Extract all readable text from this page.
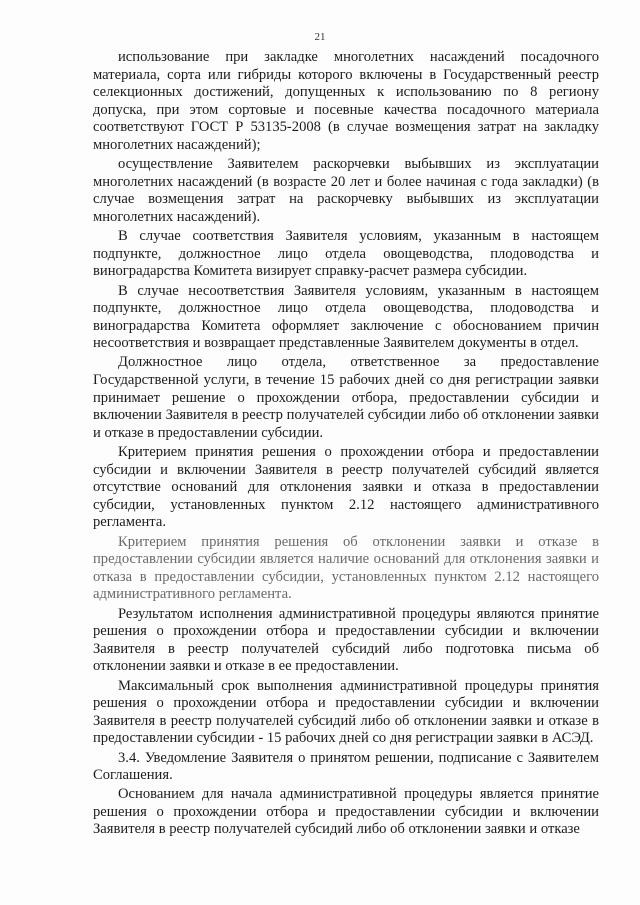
21

использование при закладке многолетних насаждений посадочного материала, сорта или гибриды которого включены в Государственный реестр селекционных достижений, допущенных к использованию по 8 региону допуска, при этом сортовые и посевные качества посадочного материала соответствуют ГОСТ Р 53135-2008 (в случае возмещения затрат на закладку многолетних насаждений);

осуществление Заявителем раскорчевки выбывших из эксплуатации многолетних насаждений (в возрасте 20 лет и более начиная с года закладки) (в случае возмещения затрат на раскорчевку выбывших из эксплуатации многолетних насаждений).

В случае соответствия Заявителя условиям, указанным в настоящем подпункте, должностное лицо отдела овощеводства, плодоводства и виноградарства Комитета визирует справку-расчет размера субсидии.

В случае несоответствия Заявителя условиям, указанным в настоящем подпункте, должностное лицо отдела овощеводства, плодоводства и виноградарства Комитета оформляет заключение с обоснованием причин несоответствия и возвращает представленные Заявителем документы в отдел.

Должностное лицо отдела, ответственное за предоставление Государственной услуги, в течение 15 рабочих дней со дня регистрации заявки принимает решение о прохождении отбора, предоставлении субсидии и включении Заявителя в реестр получателей субсидии либо об отклонении заявки и отказе в предоставлении субсидии.

Критерием принятия решения о прохождении отбора и предоставлении субсидии и включении Заявителя в реестр получателей субсидий является отсутствие оснований для отклонения заявки и отказа в предоставлении субсидии, установленных пунктом 2.12 настоящего административного регламента.

Критерием принятия решения об отклонении заявки и отказе в предоставлении субсидии является наличие оснований для отклонения заявки и отказа в предоставлении субсидии, установленных пунктом 2.12 настоящего административного регламента.

Результатом исполнения административной процедуры являются принятие решения о прохождении отбора и предоставлении субсидии и включении Заявителя в реестр получателей субсидий либо подготовка письма об отклонении заявки и отказе в ее предоставлении.

Максимальный срок выполнения административной процедуры принятия решения о прохождении отбора и предоставлении субсидии и включении Заявителя в реестр получателей субсидий либо об отклонении заявки и отказе в предоставлении субсидии - 15 рабочих дней со дня регистрации заявки в АСЭД.

3.4. Уведомление Заявителя о принятом решении, подписание с Заявителем Соглашения.

Основанием для начала административной процедуры является принятие решения о прохождении отбора и предоставлении субсидии и включении Заявителя в реестр получателей субсидий либо об отклонении заявки и отказе
